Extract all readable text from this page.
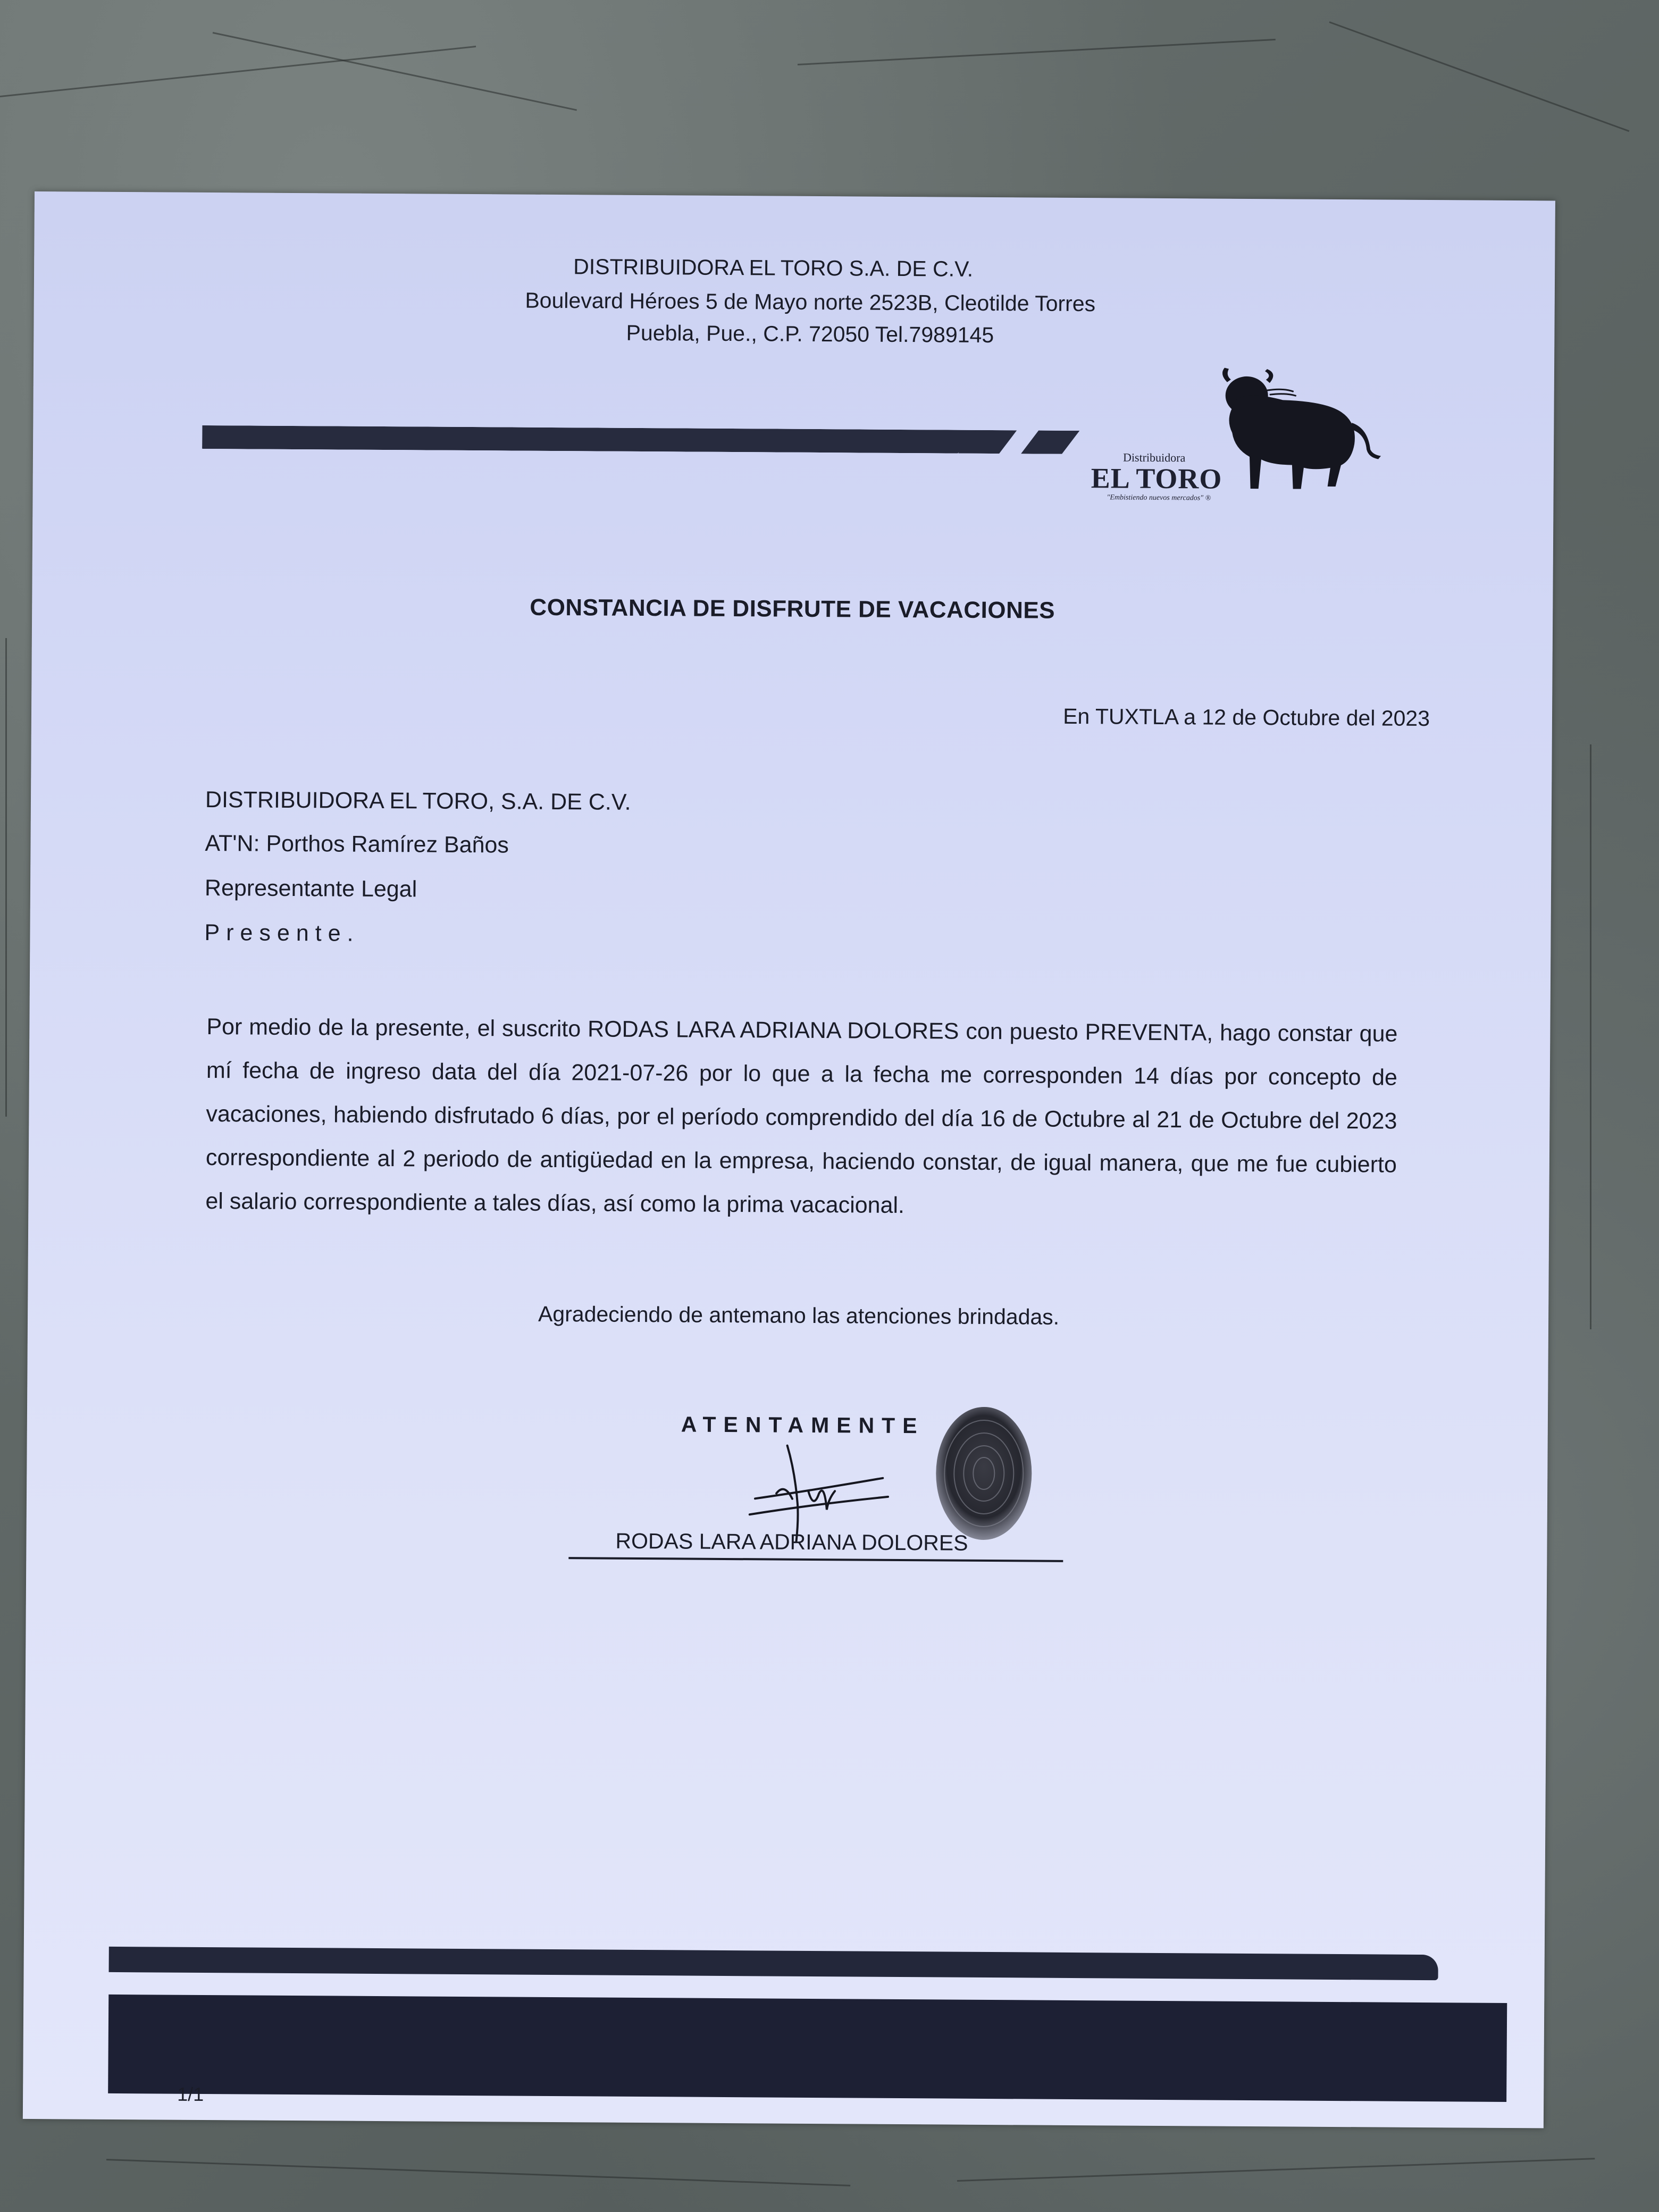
DISTRIBUIDORA EL TORO S.A. DE C.V.
Boulevard Héroes 5 de Mayo norte 2523B, Cleotilde Torres
Puebla, Pue., C.P. 72050 Tel.7989145
Distribuidora
EL TORO
"Embistiendo nuevos mercados" ®
CONSTANCIA DE DISFRUTE DE VACACIONES
En TUXTLA a 12 de Octubre del 2023
DISTRIBUIDORA EL TORO, S.A. DE C.V.
AT'N: Porthos Ramírez Baños
Representante Legal
Presente.
Por medio de la presente, el suscrito RODAS LARA ADRIANA DOLORES con puesto PREVENTA, hago constar que mí fecha de ingreso data del día 2021-07-26 por lo que a la fecha me corresponden 14 días por concepto de vacaciones, habiendo disfrutado 6 días, por el período comprendido del día 16 de Octubre al 21 de Octubre del 2023 correspondiente al 2 periodo de antigüedad en la empresa, haciendo constar, de igual manera, que me fue cubierto el salario correspondiente a tales días, así como la prima vacacional.
Agradeciendo de antemano las atenciones brindadas.
ATENTAMENTE
RODAS LARA ADRIANA DOLORES
1/1
